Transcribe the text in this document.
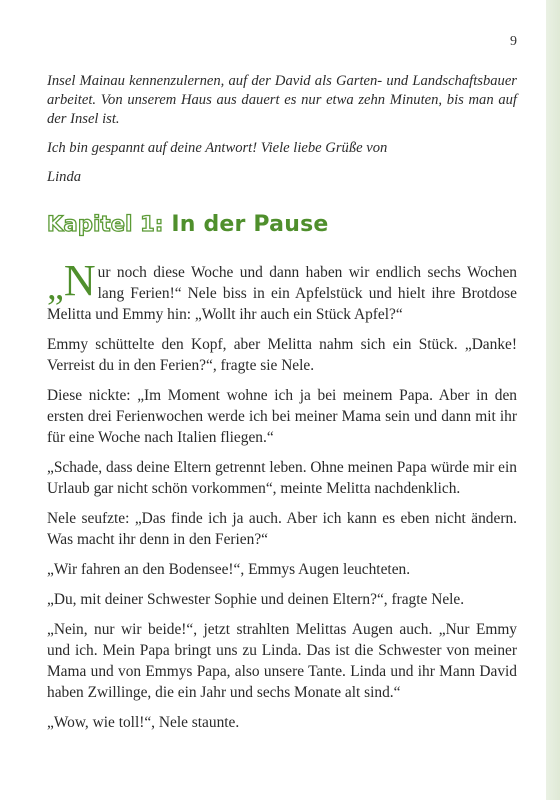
9

Insel Mainau kennenzulernen, auf der David als Garten- und Landschaftsbauer arbeitet. Von unserem Haus aus dauert es nur etwa zehn Minuten, bis man auf der Insel ist.

Ich bin gespannt auf deine Antwort! Viele liebe Grüße von

Linda

Kapitel 1: In der Pause

„ N ur noch diese Woche und dann haben wir endlich sechs Wochen lang Ferien!“ Nele biss in ein Apfelstück und hielt ihre Brotdose Melitta und Emmy hin: „Wollt ihr auch ein Stück Apfel?“

Emmy schüttelte den Kopf, aber Melitta nahm sich ein Stück. „Danke! Verreist du in den Ferien?“, fragte sie Nele.

Diese nickte: „Im Moment wohne ich ja bei meinem Papa. Aber in den ersten drei Ferienwochen werde ich bei meiner Mama sein und dann mit ihr für eine Woche nach Italien fliegen.“

„Schade, dass deine Eltern getrennt leben. Ohne meinen Papa würde mir ein Urlaub gar nicht schön vorkommen“, meinte Melitta nachdenklich.

Nele seufzte: „Das finde ich ja auch. Aber ich kann es eben nicht ändern. Was macht ihr denn in den Ferien?“

„Wir fahren an den Bodensee!“, Emmys Augen leuchteten.

„Du, mit deiner Schwester Sophie und deinen Eltern?“, fragte Nele.

„Nein, nur wir beide!“, jetzt strahlten Melittas Augen auch. „Nur Emmy und ich. Mein Papa bringt uns zu Linda. Das ist die Schwester von meiner Mama und von Emmys Papa, also unsere Tante. Linda und ihr Mann David haben Zwillinge, die ein Jahr und sechs Monate alt sind.“

„Wow, wie toll!“, Nele staunte.
